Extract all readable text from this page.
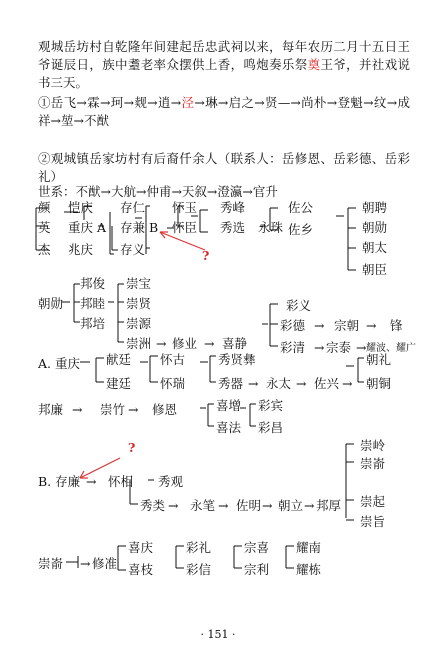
观城岳坊村自乾隆年间建起岳忠武祠以来，每年农历二月十五日王爷诞辰日，族中耋老率众摆供上香，鸣炮奏乐祭奠王爷，并社戏说书三天。
①岳飞→霖→珂→觌→逍→泾→琳→启之→贤—→尚朴→登魁→纹→成祥→堃→不猷
②观城镇岳家坊村有后裔仟余人（联系人：岳修恩、岳彩德、岳彩礼）
世系：不猷→大航→仲甫→天叙→澄瀛→官升
颜
英
杰
恺庆
重庆 A
兆庆
存仁
存兼 B
存义
怀玉
怀臣
秀峰
秀选 永珠
佐公
佐乡
朝聘
朝勋
朝太
朝臣
?
朝勋
邦俊
邦睦
邦培
崇宝
崇贤
崇源
崇洲 → 修业 → 喜静
彩义
彩德
彩清
→ 宗朝
→ 宗泰
→ 锋
→ 耀波、耀广
A. 重庆 献廷
建廷
怀古
怀瑞
秀贤彝
秀器 → 永太 → 佐兴 →
朝礼
朝铜
邦廉 → 崇竹 → 修恩	喜增
喜法
彩宾
彩昌
?
B. 存廉 → 怀相 秀观
秀类 → 永笔 → 佐明 → 朝立 → 邦厚
崇岭
崇嵛
崇起
崇旨
崇嵛 → 修准
喜庆
喜枝
彩礼
彩信
宗喜
宗利
耀南
耀栋
· 151 ·
